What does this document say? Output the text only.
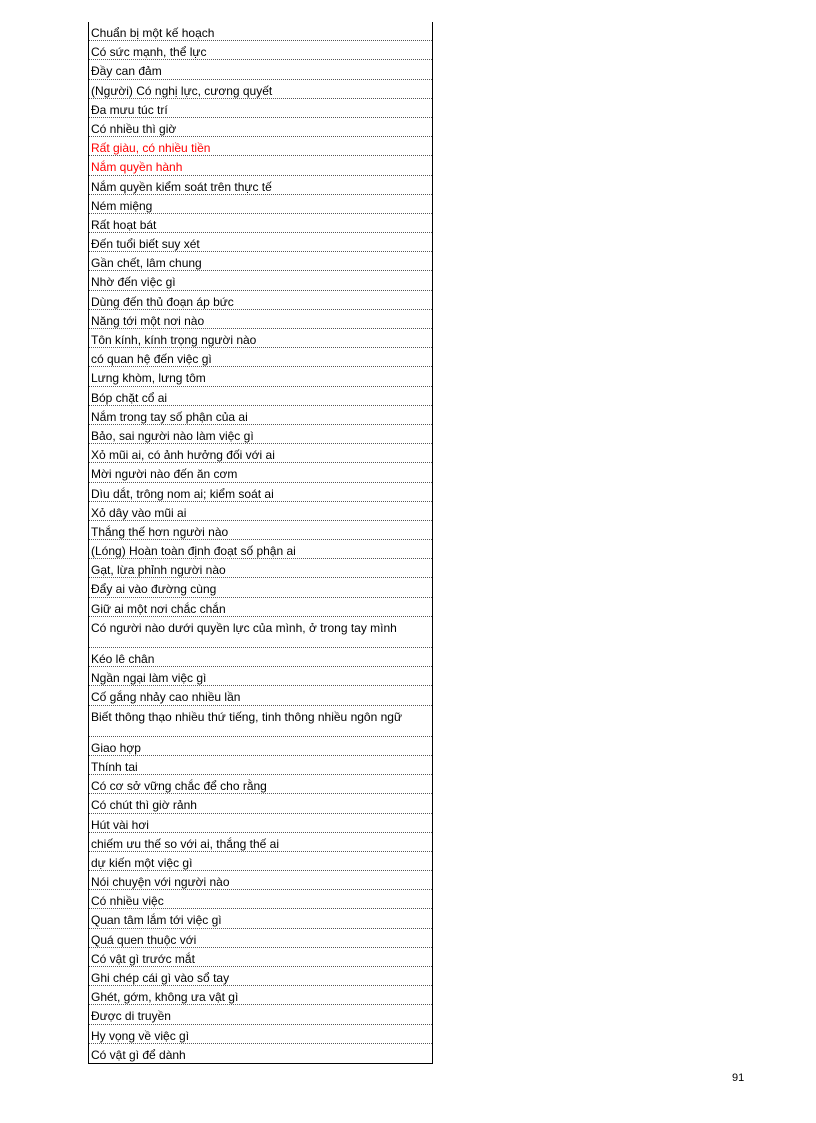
Chuẩn bị một kế hoạch
Có sức mạnh, thể lực
Đầy can đảm
(Người) Có nghị lực, cương quyết
Đa mưu túc trí
Có nhiều thì giờ
Rất giàu, có nhiều tiền
Nắm quyền hành
Nắm quyền kiểm soát trên thực tế
Ném miệng
Rất hoạt bát
Đến tuổi biết suy xét
Gần chết, lâm chung
Nhờ đến việc gì
Dùng đến thủ đoạn áp bức
Năng tới một nơi nào
Tôn kính, kính trọng người nào
có quan hệ đến việc gì
Lưng khòm, lưng tôm
Bóp chặt cổ ai
Nắm trong tay số phận của ai
Bảo, sai người nào làm việc gì
Xỏ mũi ai, có ảnh hưởng đối với ai
Mời người nào đến ăn cơm
Dìu dắt, trông nom ai; kiểm soát ai
Xỏ dây vào mũi ai
Thắng thế hơn người nào
(Lóng) Hoàn toàn định đoạt số phận ai
Gạt, lừa phỉnh người nào
Đẩy ai vào đường cùng
Giữ ai một nơi chắc chắn
Có người nào dưới quyền lực của mình, ở trong tay mình
Kéo lê chân
Ngần ngại làm việc gì
Cố gắng nhảy cao nhiều lần
Biết thông thạo nhiều thứ tiếng, tinh thông nhiều ngôn ngữ
Giao hợp
Thính tai
Có cơ sở vững chắc để cho rằng
Có chút thì giờ rảnh
Hút vài hơi
chiếm ưu thế so với ai, thắng thế ai
dự kiến một việc gì
Nói chuyện với người nào
Có nhiều việc
Quan tâm lắm tới việc gì
Quá quen thuộc với
Có vật gì trước mắt
Ghi chép cái gì vào sổ tay
Ghét, gớm, không ưa vật gì
Được di truyền
Hy vọng về việc gì
Có vật gì để dành
91
